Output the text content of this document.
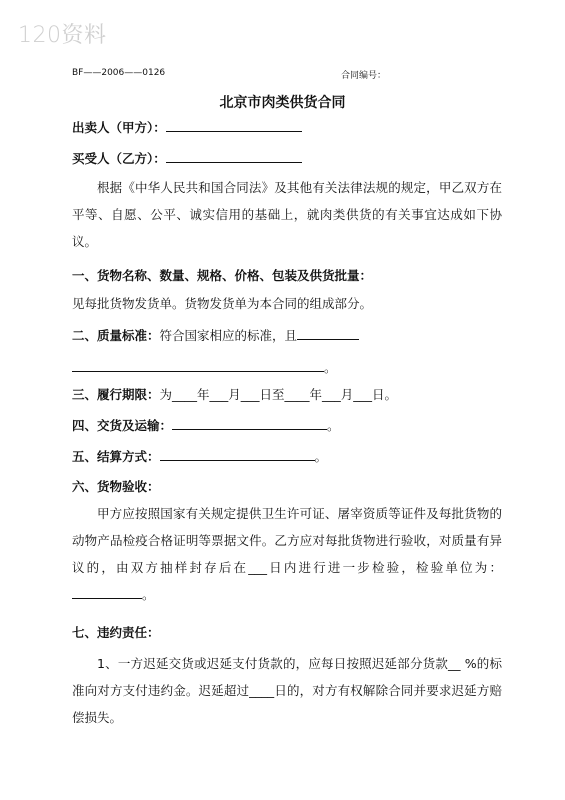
120资料
BF——2006——0126	合同编号：
北京市肉类供货合同
出卖人（甲方）：
买受人（乙方）：
根据《中华人民共和国合同法》及其他有关法律法规的规定，甲乙双方在平等、自愿、公平、诚实信用的基础上，就肉类供货的有关事宜达成如下协议。
一、货物名称、数量、规格、价格、包装及供货批量：
见每批货物发货单。货物发货单为本合同的组成部分。
二、质量标准：符合国家相应的标准，且
。
三、履行期限：为____年___月___日至____年___月___日。
四、交货及运输：	。
五、结算方式：	。
六、货物验收：
甲方应按照国家有关规定提供卫生许可证、屠宰资质等证件及每批货物的动物产品检疫合格证明等票据文件。乙方应对每批货物进行验收，对质量有异议的，由双方抽样封存后在___日内进行进一步检验，检验单位为：。
七、违约责任：
1、一方迟延交货或迟延支付货款的，应每日按照迟延部分货款__ %的标准向对方支付违约金。迟延超过____日的，对方有权解除合同并要求迟延方赔偿损失。
